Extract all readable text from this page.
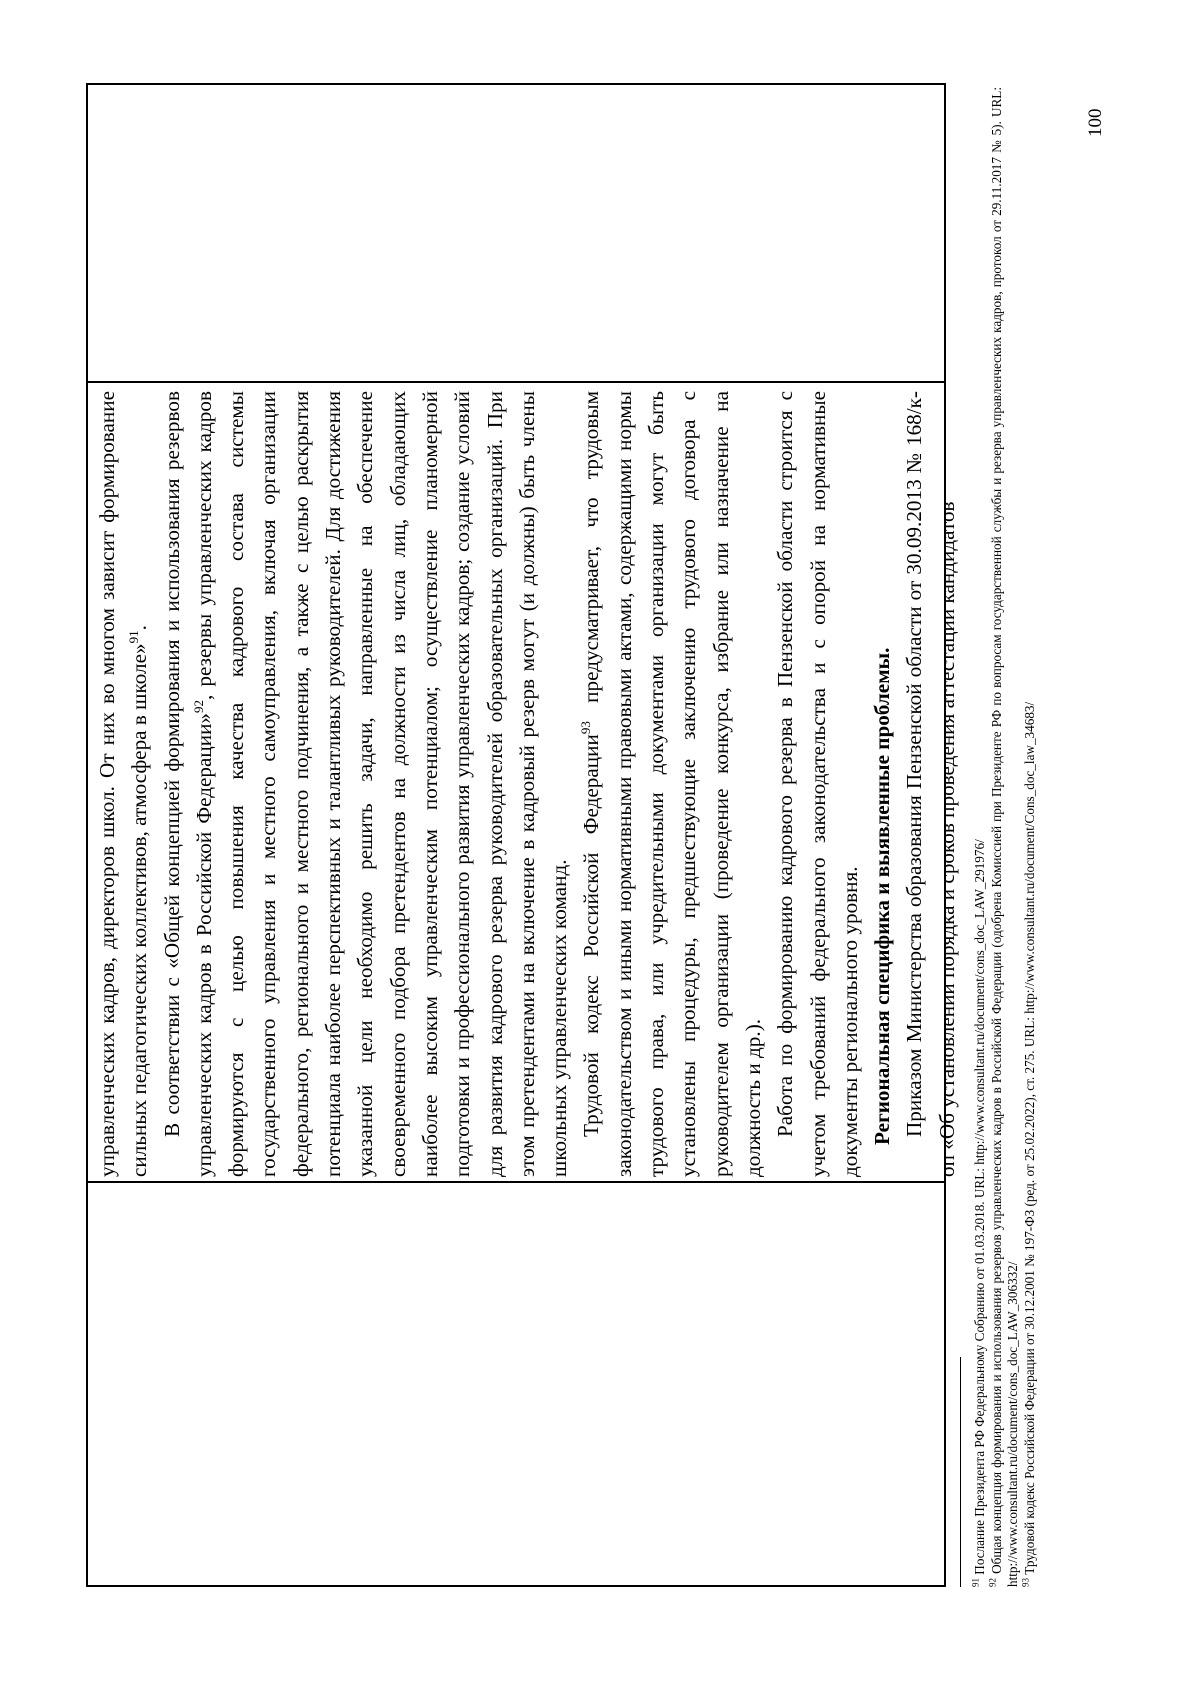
управленческих кадров, директоров школ. От них во многом зависит формирование сильных педагогических коллективов, атмосфера в школе»$^{91}$. В соответствии с «Общей концепцией формирования и использования резервов управленческих кадров в Российской Федерации»$^{92}$, резервы управленческих кадров формируются с целью повышения качества кадрового состава системы государственного управления и местного самоуправления, включая организации федерального, регионального и местного подчинения, а также с целью раскрытия потенциала наиболее перспективных и талантливых руководителей. Для достижения указанной цели необходимо решить задачи, направленные на обеспечение своевременного подбора претендентов на должности из числа лиц, обладающих наиболее высоким управленческим потенциалом; осуществление планомерной подготовки и профессионального развития управленческих кадров; создание условий для развития кадрового резерва руководителей образовательных организаций. При этом претендентами на включение в кадровый резерв могут (и должны) быть члены школьных управленческих команд. Трудовой кодекс Российской Федерации$^{93}$ предусматривает, что трудовым законодательством и иными нормативными правовыми актами, содержащими нормы трудового права, или учредительными документами организации могут быть установлены процедуры, предшествующие заключению трудового договора с руководителем организации (проведение конкурса, избрание или назначение на должность и др.). Работа по формированию кадрового резерва в Пензенской области строится с учетом требований федерального законодательства и с опорой на нормативные документы регионального уровня. Региональная специфика и выявленные проблемы. Приказом Министерства образования Пензенской области от 30.09.2013 № 168/к-оп «Об установлении порядка и сроков проведения аттестации кандидатов

$^{91}$ Послание Президента РФ Федеральному Собранию от 01.03.2018. URL: http://www.consultant.ru/document/cons_doc_LAW_291976/

$^{92}$ Общая концепция формирования и использования резервов управленческих кадров в Российской Федерации (одобрена Комиссией при Президенте РФ по вопросам государственной службы и резерва управленческих кадров, протокол от 29.11.2017 № 5). URL: http://www.consultant.ru/document/cons_doc_LAW_306332/ $^{93}$ Трудовой кодекс Российской Федерации от 30.12.2001 № 197-ФЗ (ред. от 25.02.2022), ст. 275. URL: http://www.consultant.ru/document/Cons_doc_law_34683/

100
